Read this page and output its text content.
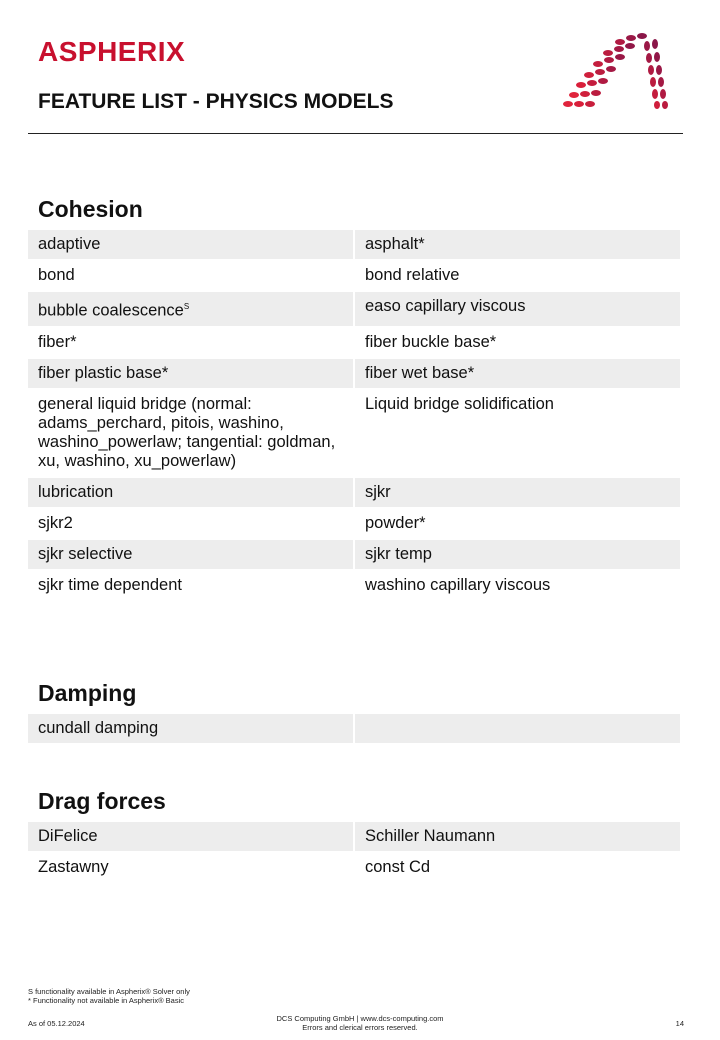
ASPHERIX
FEATURE LIST - PHYSICS MODELS
Cohesion
adaptive	asphalt*
bond	bond relative
bubble coalescence$^S$	easo capillary viscous
fiber*	fiber buckle base*
fiber plastic base*	fiber wet base*
general liquid bridge (normal: adams_perchard, pitois, washino, washino_powerlaw; tangential: goldman, xu, washino, xu_powerlaw)	Liquid bridge solidification
lubrication	sjkr
sjkr2	powder*
sjkr selective	sjkr temp
sjkr time dependent	washino capillary viscous
Damping
cundall damping	
Drag forces
DiFelice	Schiller Naumann
Zastawny	const Cd
S functionality available in Aspherix® Solver only
* Functionality not available in Aspherix® Basic
As of 05.12.2024
DCS Computing GmbH | www.dcs-computing.com
Errors and clerical errors reserved.	14
